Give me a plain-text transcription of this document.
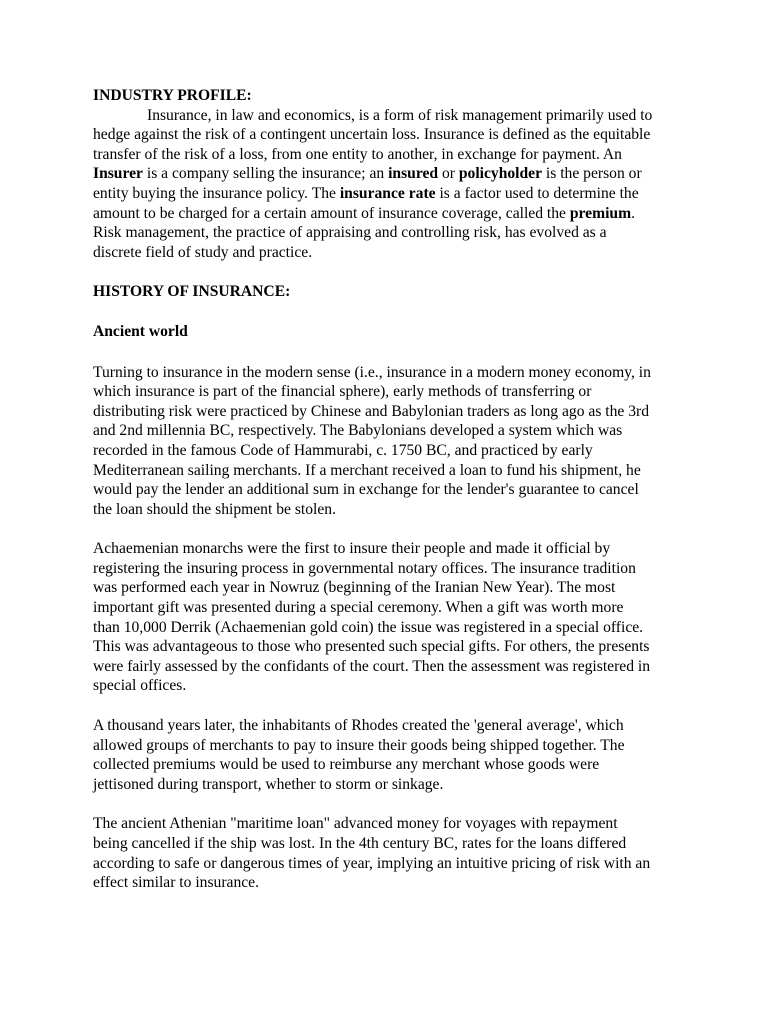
INDUSTRY PROFILE:

Insurance, in law and economics, is a form of risk management primarily used to hedge against the risk of a contingent uncertain loss. Insurance is defined as the equitable transfer of the risk of a loss, from one entity to another, in exchange for payment. An Insurer is a company selling the insurance; an insured or policyholder is the person or entity buying the insurance policy. The insurance rate is a factor used to determine the amount to be charged for a certain amount of insurance coverage, called the premium. Risk management, the practice of appraising and controlling risk, has evolved as a discrete field of study and practice.

HISTORY OF INSURANCE:
Ancient world

Turning to insurance in the modern sense (i.e., insurance in a modern money economy, in which insurance is part of the financial sphere), early methods of transferring or distributing risk were practiced by Chinese and Babylonian traders as long ago as the 3rd and 2nd millennia BC, respectively. The Babylonians developed a system which was recorded in the famous Code of Hammurabi, c. 1750 BC, and practiced by early Mediterranean sailing merchants. If a merchant received a loan to fund his shipment, he would pay the lender an additional sum in exchange for the lender's guarantee to cancel the loan should the shipment be stolen.

Achaemenian monarchs were the first to insure their people and made it official by registering the insuring process in governmental notary offices. The insurance tradition was performed each year in Nowruz (beginning of the Iranian New Year). The most important gift was presented during a special ceremony. When a gift was worth more than 10,000 Derrik (Achaemenian gold coin) the issue was registered in a special office. This was advantageous to those who presented such special gifts. For others, the presents were fairly assessed by the confidants of the court. Then the assessment was registered in special offices.

A thousand years later, the inhabitants of Rhodes created the 'general average', which allowed groups of merchants to pay to insure their goods being shipped together. The collected premiums would be used to reimburse any merchant whose goods were jettisoned during transport, whether to storm or sinkage.

The ancient Athenian "maritime loan" advanced money for voyages with repayment being cancelled if the ship was lost. In the 4th century BC, rates for the loans differed according to safe or dangerous times of year, implying an intuitive pricing of risk with an effect similar to insurance.
